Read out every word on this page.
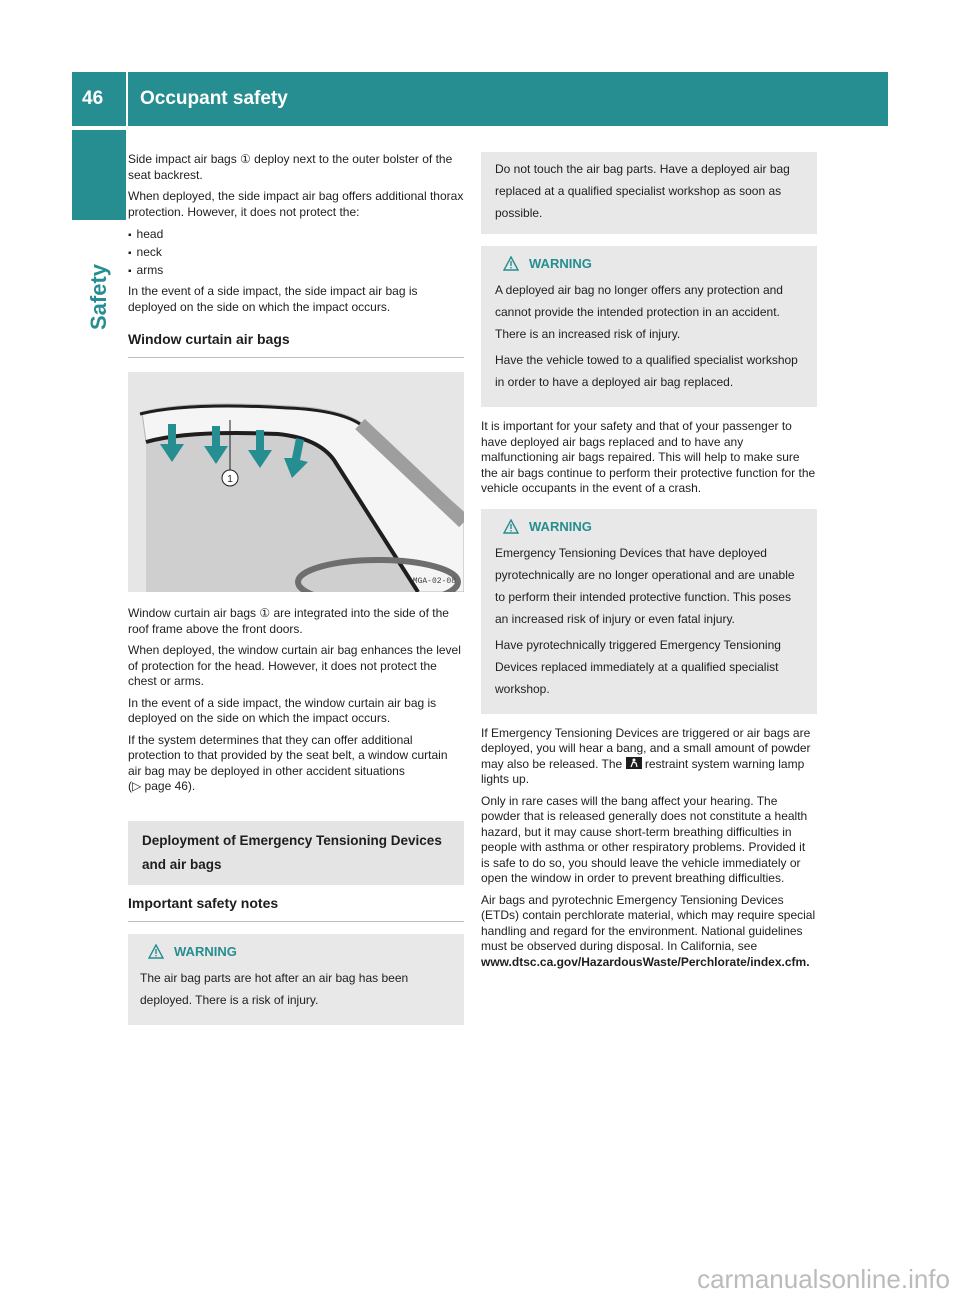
46 Occupant safety
Safety

Side impact air bags ① deploy next to the outer bolster of the seat backrest.

When deployed, the side impact air bag offers additional thorax protection. However, it does not protect the:

▪ head
▪ neck
▪ arms

In the event of a side impact, the side impact air bag is deployed on the side on which the impact occurs.

Window curtain air bags
1
MGA-02-08

Window curtain air bags ① are integrated into the side of the roof frame above the front doors.

When deployed, the window curtain air bag enhances the level of protection for the head. However, it does not protect the chest or arms.

In the event of a side impact, the window curtain air bag is deployed on the side on which the impact occurs.

If the system determines that they can offer additional protection to that provided by the seat belt, a window curtain air bag may be deployed in other accident situations
(▷ page 46).

Deployment of Emergency Tensioning Devices and air bags
Important safety notes
WARNING

The air bag parts are hot after an air bag has been deployed. There is a risk of injury.

Do not touch the air bag parts. Have a deployed air bag replaced at a qualified specialist workshop as soon as possible.

WARNING

A deployed air bag no longer offers any protection and cannot provide the intended protection in an accident. There is an increased risk of injury.

Have the vehicle towed to a qualified specialist workshop in order to have a deployed air bag replaced.

It is important for your safety and that of your passenger to have deployed air bags replaced and to have any malfunctioning air bags repaired. This will help to make sure the air bags continue to perform their protective function for the vehicle occupants in the event of a crash.

WARNING

Emergency Tensioning Devices that have deployed pyrotechnically are no longer operational and are unable to perform their intended protective function. This poses an increased risk of injury or even fatal injury.

Have pyrotechnically triggered Emergency Tensioning Devices replaced immediately at a qualified specialist workshop.

If Emergency Tensioning Devices are triggered or air bags are deployed, you will hear a bang, and a small amount of powder may also be released. The restraint system warning lamp lights up.

Only in rare cases will the bang affect your hearing. The powder that is released generally does not constitute a health hazard, but it may cause short-term breathing difficulties in people with asthma or other respiratory problems. Provided it is safe to do so, you should leave the vehicle immediately or open the window in order to prevent breathing difficulties.

Air bags and pyrotechnic Emergency Tensioning Devices (ETDs) contain perchlorate material, which may require special handling and regard for the environment. National guidelines must be observed during disposal. In California, see www.dtsc.ca.gov/HazardousWaste/Perchlorate/index.cfm.

carmanualsonline.info
